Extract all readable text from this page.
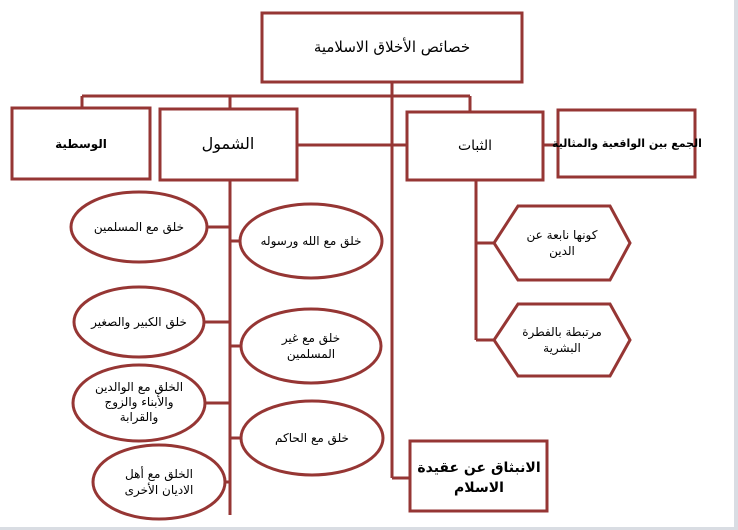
خصائص الأخلاق الاسلامية
الوسطية	الشمول	الثبات	الجمع بين الواقعية والمثالية
الانبثاق عن عقيدة
الاسلام
كونها نابعة عن
الدين
مرتبطة بالفطرة
البشرية
خلق مع المسلمين
خلق الكبير والصغير
الخلق مع الوالدين
والأبناء والزوج
والقرابة
الخلق مع أهل
الاديان الأخرى
خلق مع الله ورسوله
خلق مع غير
المسلمين
خلق مع الحاكم
